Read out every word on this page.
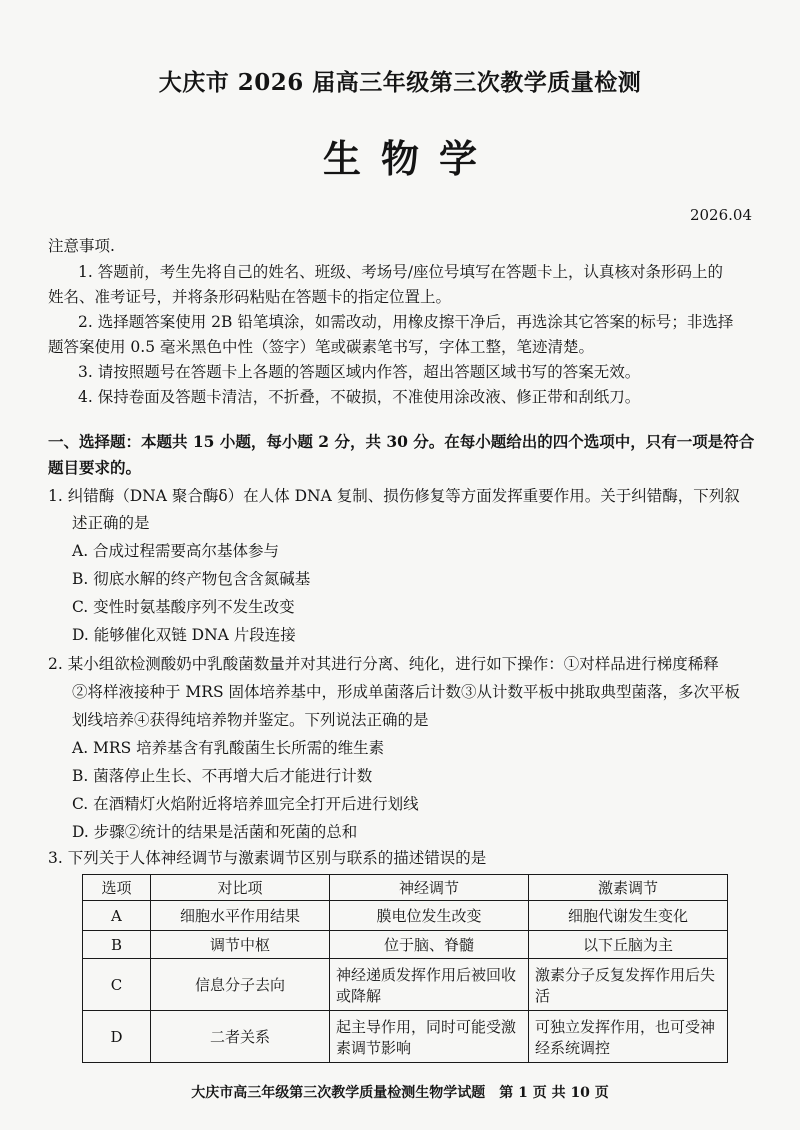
大庆市 2026 届高三年级第三次教学质量检测
生物学
2026.04
注意事项.
1. 答题前，考生先将自己的姓名、班级、考场号/座位号填写在答题卡上，认真核对条形码上的
姓名、准考证号，并将条形码粘贴在答题卡的指定位置上。
2. 选择题答案使用 2B 铅笔填涂，如需改动，用橡皮擦干净后，再选涂其它答案的标号；非选择
题答案使用 0.5 毫米黑色中性（签字）笔或碳素笔书写，字体工整，笔迹清楚。
3. 请按照题号在答题卡上各题的答题区域内作答，超出答题区域书写的答案无效。
4. 保持卷面及答题卡清洁，不折叠，不破损，不准使用涂改液、修正带和刮纸刀。
一、选择题：本题共 15 小题，每小题 2 分，共 30 分。在每小题给出的四个选项中，只有一项是符合
题目要求的。
1. 纠错酶（DNA 聚合酶δ）在人体 DNA 复制、损伤修复等方面发挥重要作用。关于纠错酶，下列叙
述正确的是
A. 合成过程需要高尔基体参与
B. 彻底水解的终产物包含含氮碱基
C. 变性时氨基酸序列不发生改变
D. 能够催化双链 DNA 片段连接
2. 某小组欲检测酸奶中乳酸菌数量并对其进行分离、纯化，进行如下操作：①对样品进行梯度稀释
②将样液接种于 MRS 固体培养基中，形成单菌落后计数③从计数平板中挑取典型菌落，多次平板
划线培养④获得纯培养物并鉴定。下列说法正确的是
A. MRS 培养基含有乳酸菌生长所需的维生素
B. 菌落停止生长、不再增大后才能进行计数
C. 在酒精灯火焰附近将培养皿完全打开后进行划线
D. 步骤②统计的结果是活菌和死菌的总和
3. 下列关于人体神经调节与激素调节区别与联系的描述错误的是
选项	对比项	神经调节	激素调节
A	细胞水平作用结果	膜电位发生改变	细胞代谢发生变化
B	调节中枢	位于脑、脊髓	以下丘脑为主
C	信息分子去向	神经递质发挥作用后被回收或降解	激素分子反复发挥作用后失活
D	二者关系	起主导作用，同时可能受激素调节影响	可独立发挥作用，也可受神经系统调控
大庆市高三年级第三次教学质量检测生物学试题　第 1 页 共 10 页
